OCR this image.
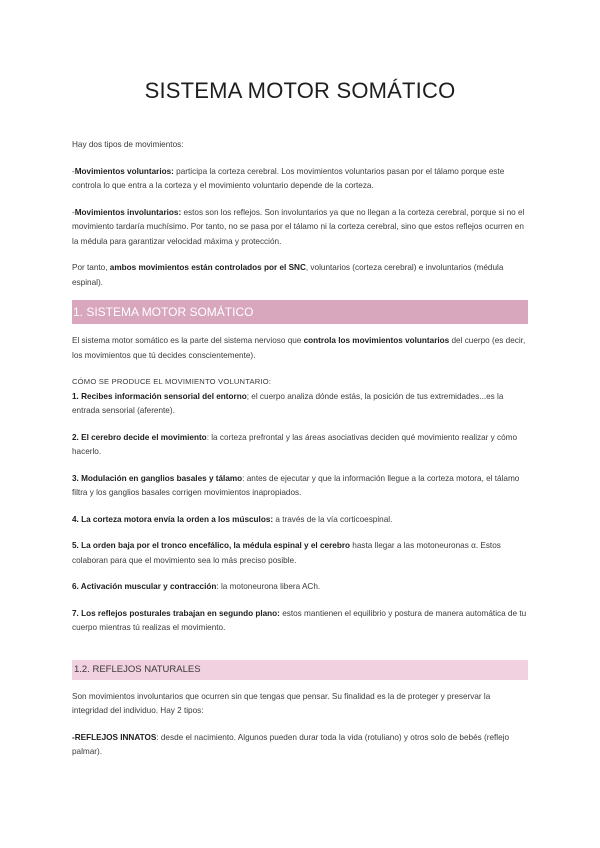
SISTEMA MOTOR SOMÁTICO

Hay dos tipos de movimientos:

-Movimientos voluntarios: participa la corteza cerebral. Los movimientos voluntarios pasan por el tálamo porque este controla lo que entra a la corteza y el movimiento voluntario depende de la corteza.

-Movimientos involuntarios: estos son los reflejos. Son involuntarios ya que no llegan a la corteza cerebral, porque si no el movimiento tardaría muchísimo. Por tanto, no se pasa por el tálamo ni la corteza cerebral, sino que estos reflejos ocurren en la médula para garantizar velocidad máxima y protección.

Por tanto, ambos movimientos están controlados por el SNC, voluntarios (corteza cerebral) e involuntarios (médula espinal).

1. SISTEMA MOTOR SOMÁTICO

El sistema motor somático es la parte del sistema nervioso que controla los movimientos voluntarios del cuerpo (es decir, los movimientos que tú decides conscientemente).

CÓMO SE PRODUCE EL MOVIMIENTO VOLUNTARIO:

1. Recibes información sensorial del entorno; el cuerpo analiza dónde estás, la posición de tus extremidades...es la entrada sensorial (aferente).

2. El cerebro decide el movimiento: la corteza prefrontal y las áreas asociativas deciden qué movimiento realizar y cómo hacerlo.

3. Modulación en ganglios basales y tálamo: antes de ejecutar y que la información llegue a la corteza motora, el tálamo filtra y los ganglios basales corrigen movimientos inapropiados.

4. La corteza motora envía la orden a los músculos: a través de la vía corticoespinal.

5. La orden baja por el tronco encefálico, la médula espinal y el cerebro hasta llegar a las motoneuronas α. Estos colaboran para que el movimiento sea lo más preciso posible.

6. Activación muscular y contracción: la motoneurona libera ACh.

7. Los reflejos posturales trabajan en segundo plano: estos mantienen el equilibrio y postura de manera automática de tu cuerpo mientras tú realizas el movimiento.

1.2. REFLEJOS NATURALES

Son movimientos involuntarios que ocurren sin que tengas que pensar. Su finalidad es la de proteger y preservar la integridad del individuo. Hay 2 tipos:

-REFLEJOS INNATOS: desde el nacimiento. Algunos pueden durar toda la vida (rotuliano) y otros solo de bebés (reflejo palmar).
